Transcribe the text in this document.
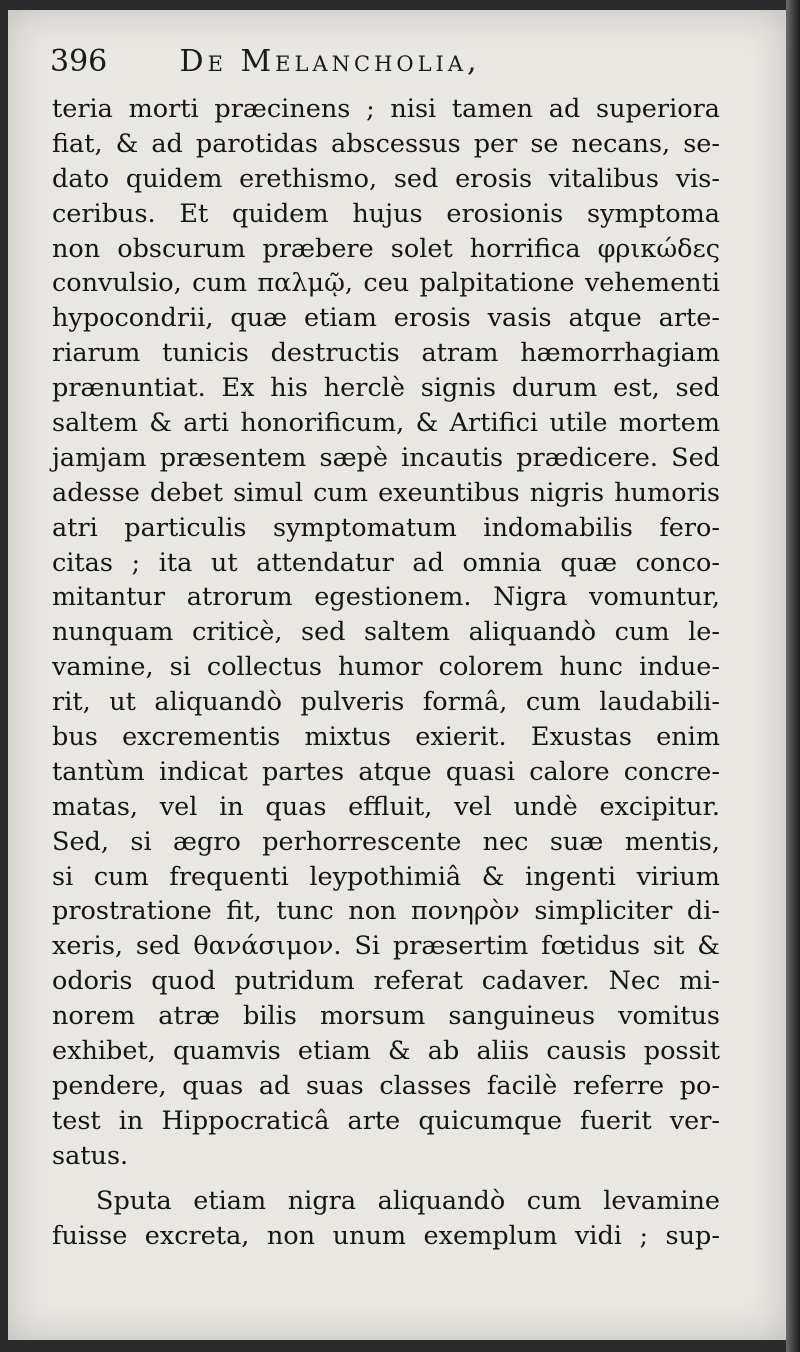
396 De Melancholia,
teria morti præcinens ; nisi tamen ad superiora
fiat, & ad parotidas abscessus per se necans, se-
dato quidem erethismo, sed erosis vitalibus vis-
ceribus. Et quidem hujus erosionis symptoma
non obscurum præbere solet horrifica φρικώδες
convulsio, cum παλμῷ, ceu palpitatione vehementi
hypocondrii, quæ etiam erosis vasis atque arte-
riarum tunicis destructis atram hæmorrhagiam
prænuntiat. Ex his herclè signis durum est, sed
saltem & arti honorificum, & Artifici utile mortem
jamjam præsentem sæpè incautis prædicere. Sed
adesse debet simul cum exeuntibus nigris humoris
atri particulis symptomatum indomabilis fero-
citas ; ita ut attendatur ad omnia quæ conco-
mitantur atrorum egestionem. Nigra vomuntur,
nunquam criticè, sed saltem aliquandò cum le-
vamine, si collectus humor colorem hunc indue-
rit, ut aliquandò pulveris formâ, cum laudabili-
bus excrementis mixtus exierit. Exustas enim
tantùm indicat partes atque quasi calore concre-
matas, vel in quas effluit, vel undè excipitur.
Sed, si ægro perhorrescente nec suæ mentis,
si cum frequenti leypothimiâ & ingenti virium
prostratione fit, tunc non πονηρὸν simpliciter di-
xeris, sed θανάσιμον. Si præsertim fœtidus sit &
odoris quod putridum referat cadaver. Nec mi-
norem atræ bilis morsum sanguineus vomitus
exhibet, quamvis etiam & ab aliis causis possit
pendere, quas ad suas classes facilè referre po-
test in Hippocraticâ arte quicumque fuerit ver-
satus.
Sputa etiam nigra aliquandò cum levamine
fuisse excreta, non unum exemplum vidi ; sup-
